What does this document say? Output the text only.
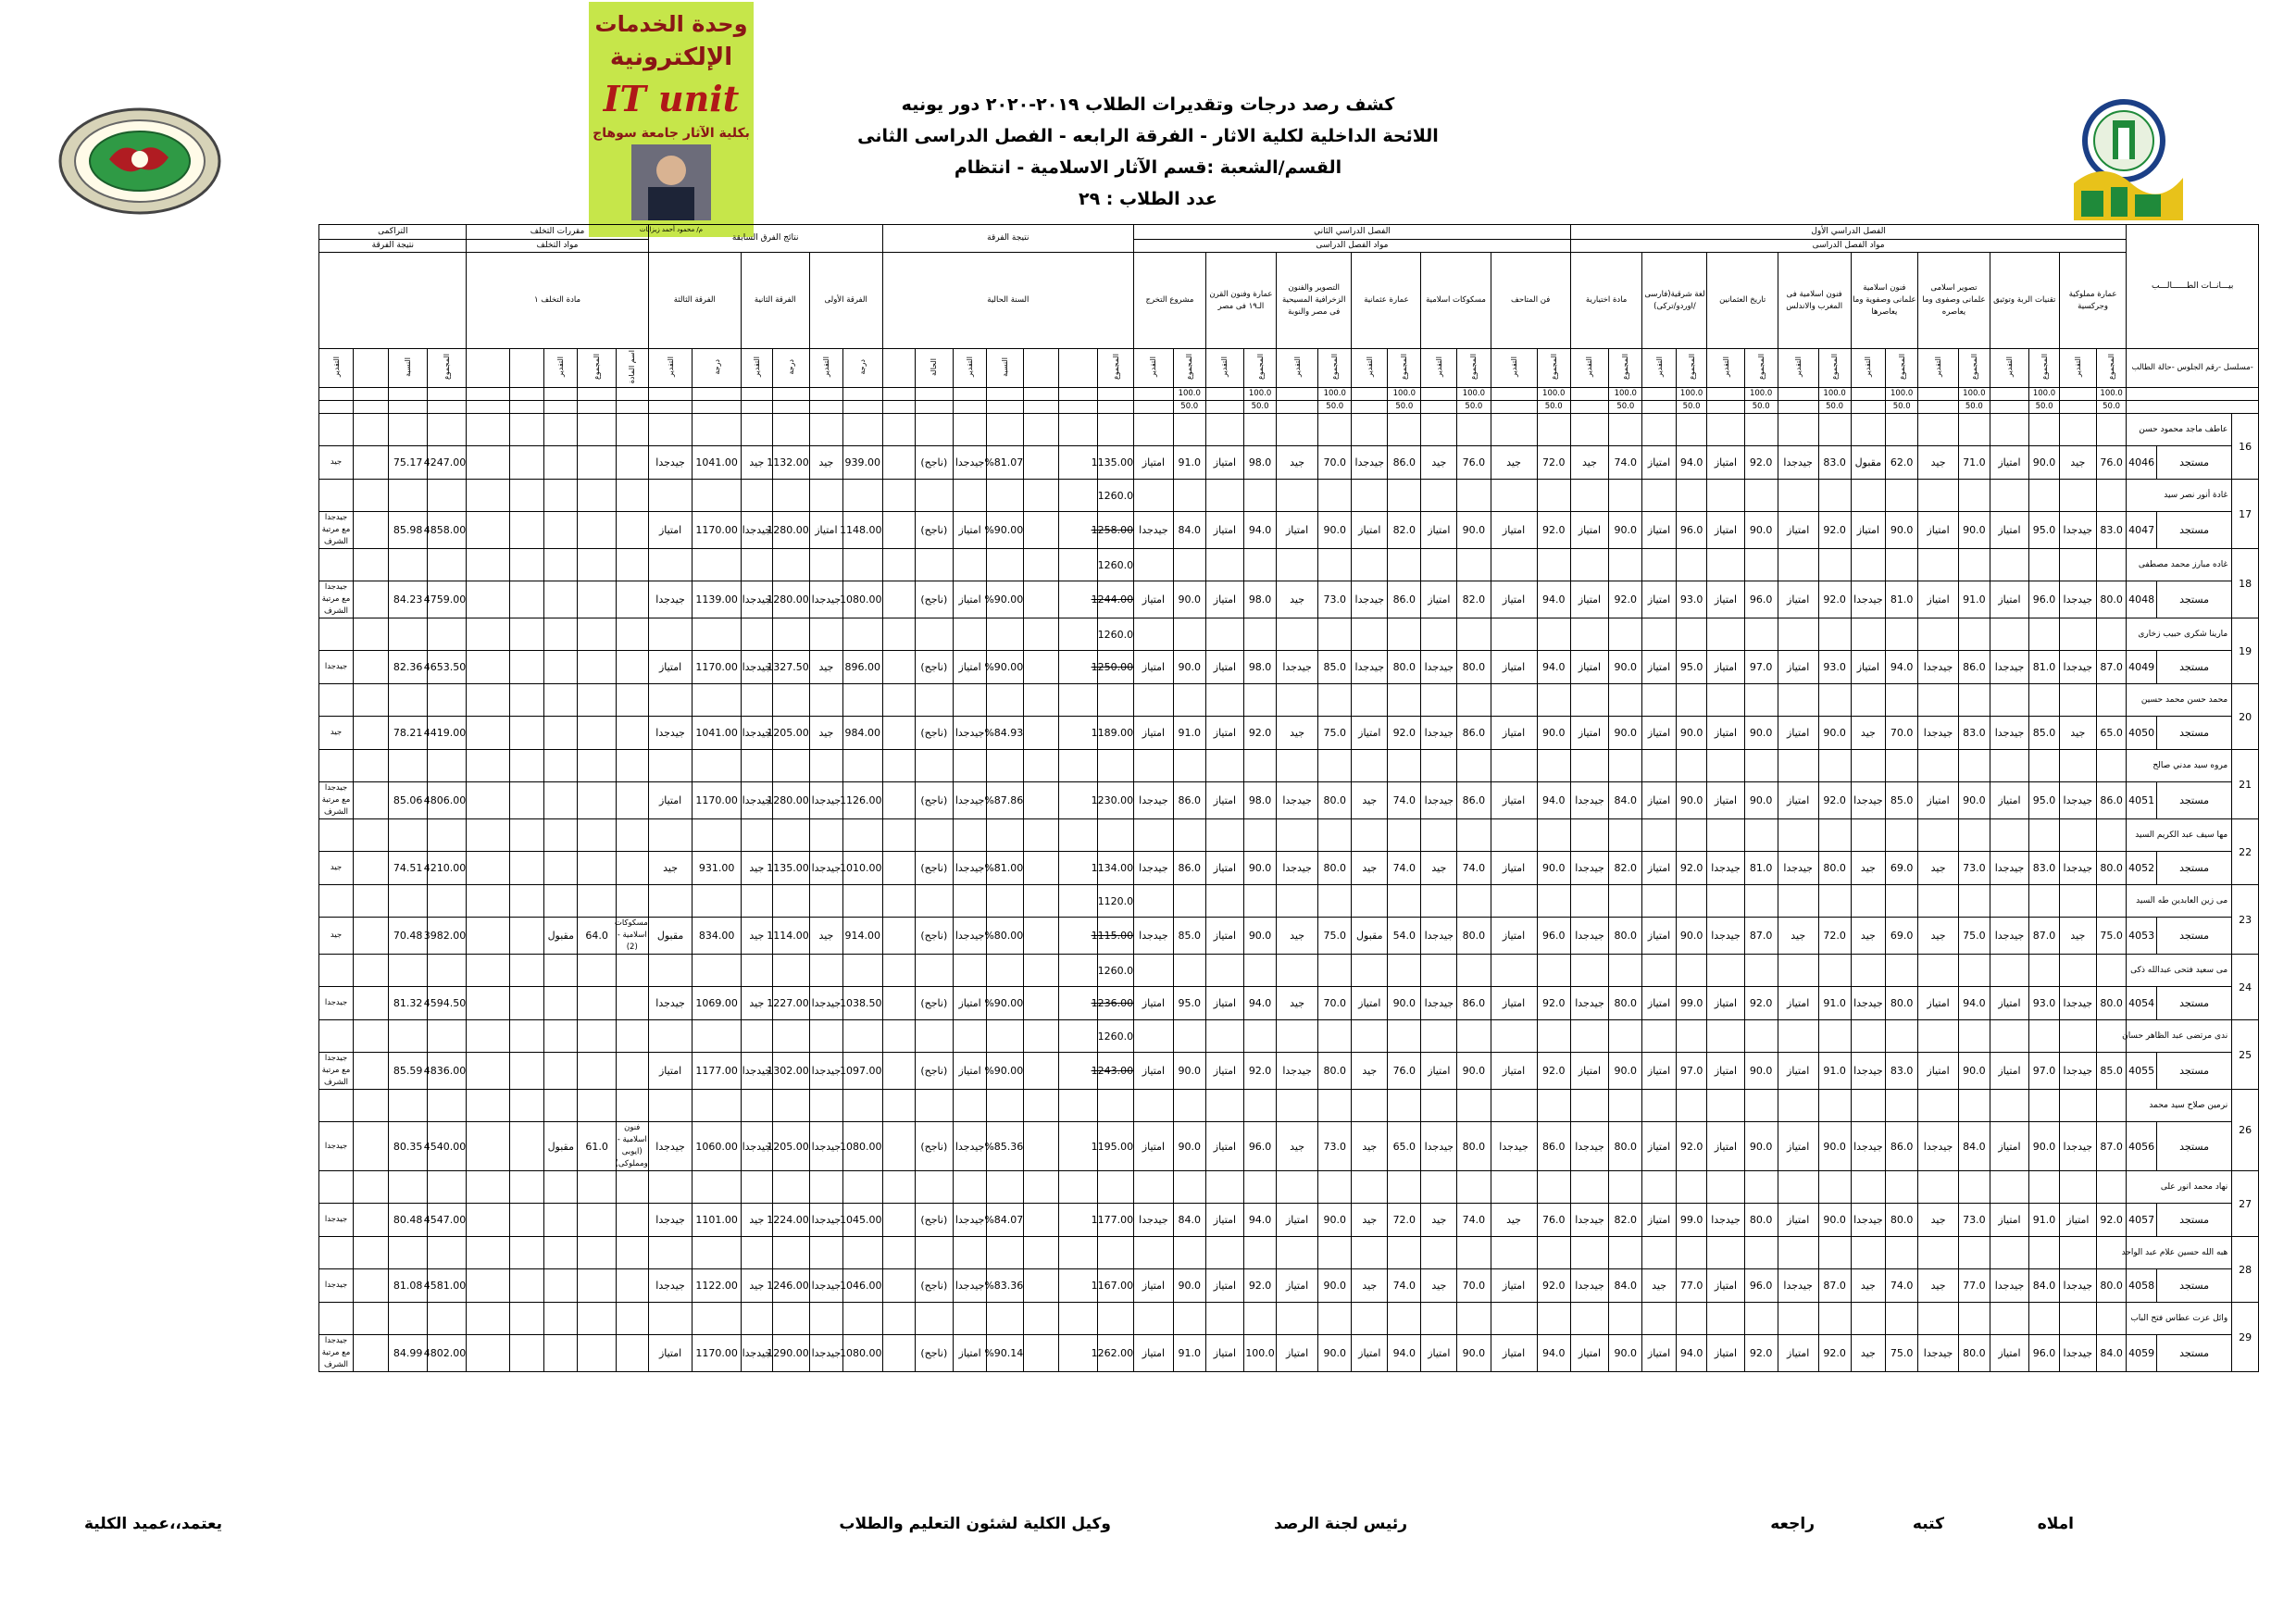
كشف رصد درجات وتقديرات الطلاب ٢٠١٩-٢٠٢٠ دور يونيه
اللائحة الداخلية لكلية الاثار - الفرقة الرابعه - الفصل الدراسى الثانى
القسم/الشعبة :قسم الآثار الاسلامية - انتظام
عدد الطلاب : ٢٩
وحدة الخدمات
الإلكترونية
IT unit
بكلية الآثار جامعة سوهاج
م/ محمود أحمد زيزايات
بيـــانــات الطــــــالـــب			الفصل الدراسي الأول																الفصل الدراسي الثاني												نتيجة الفرقة							نتائج الفرق السابقة						مقررات التخلف					التراكمى			
			مواد الفصل الدراسى																مواد الفصل الدراسى																									مواد التخلف					نتيجة الفرقة			
			عمارة مملوكية وجركسية		تقنيات الربة وتوثيق		تصوير اسلامى علمانى وصفوى وما يعاصره		فنون اسلامية علمانى وصفوية وما يعاصرها		فنون اسلامية فى المغرب والاندلس		تاريخ العثمانين		لغة شرقية(فارسى /اوردو/تركى)		مادة اختيارية		فن المتاحف		مسكوكات اسلامية		عمارة عثمانية		التصوير والفنون الزخرافية المسيحية فى مصر والنوبة		عمارة وفنون القرن الـ١٩ فى مصر		مشروع التخرج		السنة الحالية							الفرقة الأولى		الفرقة الثانية		الفرقة الثالثة		مادة التخلف ١								
-مسلسل -رقم الجلوس -حالة الطالب			المجموع	التقدير	المجموع	التقدير	المجموع	التقدير	المجموع	التقدير	المجموع	التقدير	المجموع	التقدير	المجموع	التقدير	المجموع	التقدير	المجموع	التقدير	المجموع	التقدير	المجموع	التقدير	المجموع	التقدير	المجموع	التقدير	المجموع	التقدير	المجموع			النسبة	التقدير	الحالة		درجة	التقدير	درجة	التقدير	درجة	التقدير	اسم المادة	المجموع	التقدير			المجموع	النسبة		التقدير
			100.0		100.0		100.0		100.0		100.0		100.0		100.0		100.0		100.0		100.0		100.0		100.0		100.0		100.0																							
			50.0		50.0		50.0		50.0		50.0		50.0		50.0		50.0		50.0		50.0		50.0		50.0		50.0		50.0																							
16	عاطف ماجد محمود حسن																																																			
	مستجد	4046	76.0	جيد	90.0	امتياز	71.0	جيد	62.0	مقبول	83.0	جيدجدا	92.0	امتياز	94.0	امتياز	74.0	جيد	72.0	جيد	76.0	جيد	86.0	جيدجدا	70.0	جيد	98.0	امتياز	91.0	امتياز	1135.00			%81.07	جيدجدا	(ناجح)		939.00	جيد	1132.00	جيد	1041.00	جيدجدا						4247.00	75.17		جيد
17	غادة أنور نصر سيد																														1260.0																					
	مستجد	4047	83.0	جيدجدا	95.0	امتياز	90.0	امتياز	90.0	امتياز	92.0	امتياز	90.0	امتياز	96.0	امتياز	90.0	امتياز	92.0	امتياز	90.0	امتياز	82.0	امتياز	90.0	امتياز	94.0	امتياز	84.0	جيدجدا	1258.00			%90.00	امتياز	(ناجح)		1148.00	امتياز	1280.00	جيدجدا	1170.00	امتياز						4858.00	85.98		جيدجدا مع مرتبة الشرف
18	غاده مبارز محمد مصطفى																														1260.0																					
	مستجد	4048	80.0	جيدجدا	96.0	امتياز	91.0	امتياز	81.0	جيدجدا	92.0	امتياز	96.0	امتياز	93.0	امتياز	92.0	امتياز	94.0	امتياز	82.0	امتياز	86.0	جيدجدا	73.0	جيد	98.0	امتياز	90.0	امتياز	1244.00			%90.00	امتياز	(ناجح)		1080.00	جيدجدا	1280.00	جيدجدا	1139.00	جيدجدا						4759.00	84.23		جيدجدا مع مرتبة الشرف
19	مارينا شكرى حبيب زخارى																														1260.0																					
	مستجد	4049	87.0	جيدجدا	81.0	جيدجدا	86.0	جيدجدا	94.0	امتياز	93.0	امتياز	97.0	امتياز	95.0	امتياز	90.0	امتياز	94.0	امتياز	80.0	جيدجدا	80.0	جيدجدا	85.0	جيدجدا	98.0	امتياز	90.0	امتياز	1250.00			%90.00	امتياز	(ناجح)		896.00	جيد	1327.50	جيدجدا	1170.00	امتياز						4653.50	82.36		جيدجدا
20	محمد حسن محمد حسين																																																			
	مستجد	4050	65.0	جيد	85.0	جيدجدا	83.0	جيدجدا	70.0	جيد	90.0	امتياز	90.0	امتياز	90.0	امتياز	90.0	امتياز	90.0	امتياز	86.0	جيدجدا	92.0	امتياز	75.0	جيد	92.0	امتياز	91.0	امتياز	1189.00			%84.93	جيدجدا	(ناجح)		984.00	جيد	1205.00	جيدجدا	1041.00	جيدجدا						4419.00	78.21		جيد
21	مروه سيد مدني صالح																																																			
	مستجد	4051	86.0	جيدجدا	95.0	امتياز	90.0	امتياز	85.0	جيدجدا	92.0	امتياز	90.0	امتياز	90.0	امتياز	84.0	جيدجدا	94.0	امتياز	86.0	جيدجدا	74.0	جيد	80.0	جيدجدا	98.0	امتياز	86.0	جيدجدا	1230.00			%87.86	جيدجدا	(ناجح)		1126.00	جيدجدا	1280.00	جيدجدا	1170.00	امتياز						4806.00	85.06		جيدجدا مع مرتبة الشرف
22	مها سيف عبد الكريم السيد																																																			
	مستجد	4052	80.0	جيدجدا	83.0	جيدجدا	73.0	جيد	69.0	جيد	80.0	جيدجدا	81.0	جيدجدا	92.0	امتياز	82.0	جيدجدا	90.0	امتياز	74.0	جيد	74.0	جيد	80.0	جيدجدا	90.0	امتياز	86.0	جيدجدا	1134.00			%81.00	جيدجدا	(ناجح)		1010.00	جيدجدا	1135.00	جيد	931.00	جيد						4210.00	74.51		جيد
23	مى زين العابدين طه السيد																														1120.0																					
	مستجد	4053	75.0	جيد	87.0	جيدجدا	75.0	جيد	69.0	جيد	72.0	جيد	87.0	جيدجدا	90.0	امتياز	80.0	جيدجدا	96.0	امتياز	80.0	جيدجدا	54.0	مقبول	75.0	جيد	90.0	امتياز	85.0	جيدجدا	1115.00			%80.00	جيدجدا	(ناجح)		914.00	جيد	1114.00	جيد	834.00	مقبول	مسكوكات اسلامية - (2)	64.0	مقبول			3982.00	70.48		جيد
24	مى سعيد فتحى عبدالله ذكى																														1260.0																					
	مستجد	4054	80.0	جيدجدا	93.0	امتياز	94.0	امتياز	80.0	جيدجدا	91.0	امتياز	92.0	امتياز	99.0	امتياز	80.0	جيدجدا	92.0	امتياز	86.0	جيدجدا	90.0	امتياز	70.0	جيد	94.0	امتياز	95.0	امتياز	1236.00			%90.00	امتياز	(ناجح)		1038.50	جيدجدا	1227.00	جيد	1069.00	جيدجدا						4594.50	81.32		جيدجدا
25	ندى مرتضى عبد الظاهر حسان																														1260.0																					
	مستجد	4055	85.0	جيدجدا	97.0	امتياز	90.0	امتياز	83.0	جيدجدا	91.0	امتياز	90.0	امتياز	97.0	امتياز	90.0	امتياز	92.0	امتياز	90.0	امتياز	76.0	جيد	80.0	جيدجدا	92.0	امتياز	90.0	امتياز	1243.00			%90.00	امتياز	(ناجح)		1097.00	جيدجدا	1302.00	جيدجدا	1177.00	امتياز						4836.00	85.59		جيدجدا مع مرتبة الشرف
26	نرمين صلاح سيد محمد																																																			
	مستجد	4056	87.0	جيدجدا	90.0	امتياز	84.0	جيدجدا	86.0	جيدجدا	90.0	امتياز	90.0	امتياز	92.0	امتياز	80.0	جيدجدا	86.0	جيدجدا	80.0	جيدجدا	65.0	جيد	73.0	جيد	96.0	امتياز	90.0	امتياز	1195.00			%85.36	جيدجدا	(ناجح)		1080.00	جيدجدا	1205.00	جيدجدا	1060.00	جيدجدا	فنون اسلامية - (ايوبى ومملوكى)	61.0	مقبول			4540.00	80.35		جيدجدا
27	نهاد محمد انور على																																																			
	مستجد	4057	92.0	امتياز	91.0	امتياز	73.0	جيد	80.0	جيدجدا	90.0	امتياز	80.0	جيدجدا	99.0	امتياز	82.0	جيدجدا	76.0	جيد	74.0	جيد	72.0	جيد	90.0	امتياز	94.0	امتياز	84.0	جيدجدا	1177.00			%84.07	جيدجدا	(ناجح)		1045.00	جيدجدا	1224.00	جيد	1101.00	جيدجدا						4547.00	80.48		جيدجدا
28	هبه الله حسين علام عبد الواحد																																																			
	مستجد	4058	80.0	جيدجدا	84.0	جيدجدا	77.0	جيد	74.0	جيد	87.0	جيدجدا	96.0	امتياز	77.0	جيد	84.0	جيدجدا	92.0	امتياز	70.0	جيد	74.0	جيد	90.0	امتياز	92.0	امتياز	90.0	امتياز	1167.00			%83.36	جيدجدا	(ناجح)		1046.00	جيدجدا	1246.00	جيد	1122.00	جيدجدا						4581.00	81.08		جيدجدا
29	وائل عزت عطاس فتح الباب																																																			
	مستجد	4059	84.0	جيدجدا	96.0	امتياز	80.0	جيدجدا	75.0	جيد	92.0	امتياز	92.0	امتياز	94.0	امتياز	90.0	امتياز	94.0	امتياز	90.0	امتياز	94.0	امتياز	90.0	امتياز	100.0	امتياز	91.0	امتياز	1262.00			%90.14	امتياز	(ناجح)		1080.00	جيدجدا	1290.00	جيدجدا	1170.00	امتياز						4802.00	84.99		جيدجدا مع مرتبة الشرف
املاه
كتبه
راجعه
رئيس لجنة الرصد
وكيل الكلية لشئون التعليم والطلاب
يعتمد،،عميد الكلية
